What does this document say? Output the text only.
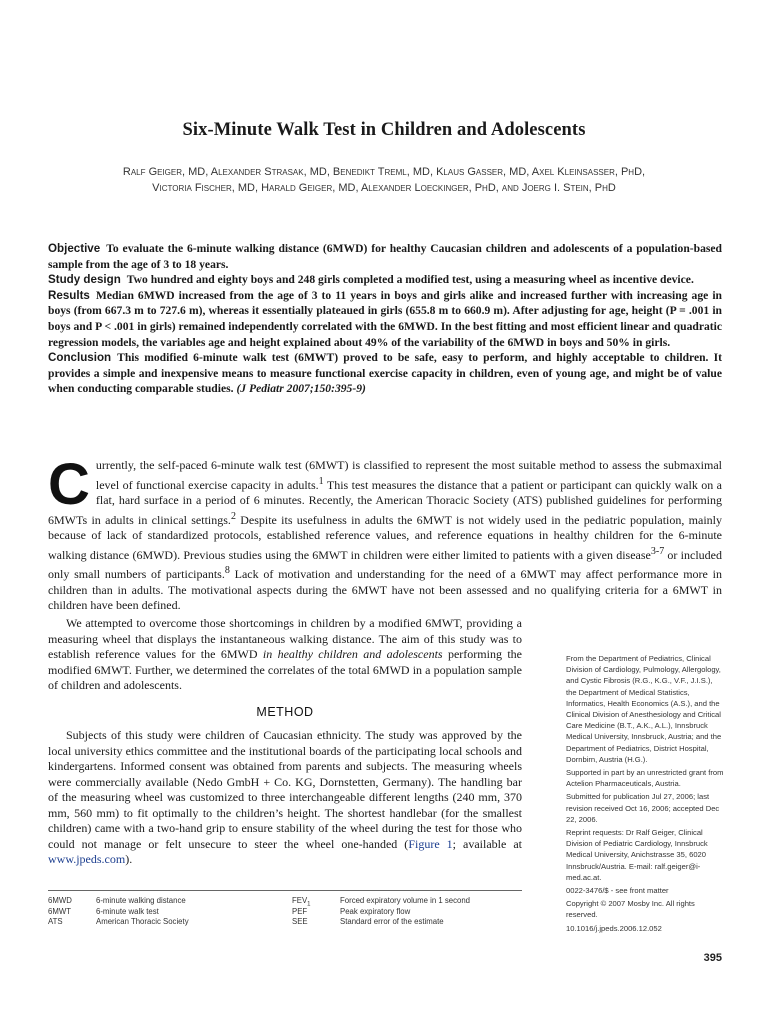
Six-Minute Walk Test in Children and Adolescents
Ralf Geiger, MD, Alexander Strasak, MD, Benedikt Treml, MD, Klaus Gasser, MD, Axel Kleinsasser, PhD,
Victoria Fischer, MD, Harald Geiger, MD, Alexander Loeckinger, PhD, and Joerg I. Stein, PhD

Objective To evaluate the 6-minute walking distance (6MWD) for healthy Caucasian children and adolescents of a population-based sample from the age of 3 to 18 years.

Study design Two hundred and eighty boys and 248 girls completed a modified test, using a measuring wheel as incentive device.

Results Median 6MWD increased from the age of 3 to 11 years in boys and girls alike and increased further with increasing age in boys (from 667.3 m to 727.6 m), whereas it essentially plateaued in girls (655.8 m to 660.9 m). After adjusting for age, height (P = .001 in boys and P < .001 in girls) remained independently correlated with the 6MWD. In the best fitting and most efficient linear and quadratic regression models, the variables age and height explained about 49% of the variability of the 6MWD in boys and 50% in girls.

Conclusion This modified 6-minute walk test (6MWT) proved to be safe, easy to perform, and highly acceptable to children. It provides a simple and inexpensive means to measure functional exercise capacity in children, even of young age, and might be of value when conducting comparable studies. (J Pediatr 2007;150:395-9)

Currently, the self-paced 6-minute walk test (6MWT) is classified to represent the most suitable method to assess the submaximal level of functional exercise capacity in adults.$^1$ This test measures the distance that a patient or participant can quickly walk on a flat, hard surface in a period of 6 minutes. Recently, the American Thoracic Society (ATS) published guidelines for performing 6MWTs in adults in clinical settings.$^2$ Despite its usefulness in adults the 6MWT is not widely used in the pediatric population, mainly because of lack of standardized protocols, established reference values, and reference equations in healthy children for the 6-minute walking distance (6MWD). Previous studies using the 6MWT in children were either limited to patients with a given disease$^{3-7}$ or included only small numbers of participants.$^8$ Lack of motivation and understanding for the need of a 6MWT may affect performance more in children than in adults. The motivational aspects during the 6MWT have not been assessed and no qualifying criteria for a 6MWT in children have been defined.

We attempted to overcome those shortcomings in children by a modified 6MWT, providing a measuring wheel that displays the instantaneous walking distance. The aim of this study was to establish reference values for the 6MWD in healthy children and adolescents performing the modified 6MWT. Further, we determined the correlates of the total 6MWD in a population sample of children and adolescents.

METHOD

Subjects of this study were children of Caucasian ethnicity. The study was approved by the local university ethics committee and the institutional boards of the participating local schools and kindergartens. Informed consent was obtained from parents and subjects. The measuring wheels were commercially available (Nedo GmbH + Co. KG, Dornstetten, Germany). The handling bar of the measuring wheel was customized to three interchangeable different lengths (240 mm, 370 mm, 560 mm) to fit optimally to the children’s height. The shortest handlebar (for the smallest children) came with a two-hand grip to ensure stability of the wheel during the test for those who could not manage or felt unsecure to steer the wheel one-handed (Figure 1; available at www.jpeds.com).

From the Department of Pediatrics, Clinical Division of Cardiology, Pulmology, Allergology, and Cystic Fibrosis (R.G., K.G., V.F., J.I.S.), the Department of Medical Statistics, Informatics, Health Economics (A.S.), and the Clinical Division of Anesthesiology and Critical Care Medicine (B.T., A.K., A.L.), Innsbruck Medical University, Innsbruck, Austria; and the Department of Pediatrics, District Hospital, Dornbirn, Austria (H.G.).

Supported in part by an unrestricted grant from Actelion Pharmaceuticals, Austria.

Submitted for publication Jul 27, 2006; last revision received Oct 16, 2006; accepted Dec 22, 2006.

Reprint requests: Dr Ralf Geiger, Clinical Division of Pediatric Cardiology, Innsbruck Medical University, Anichstrasse 35, 6020 Innsbruck/Austria. E-mail: ralf.geiger@i-med.ac.at.

0022-3476/$ - see front matter

Copyright © 2007 Mosby Inc. All rights reserved.

10.1016/j.jpeds.2006.12.052

6MWD	6-minute walking distance	$FEV_1$	Forced expiratory volume in 1 second
6MWT	6-minute walk test	PEF	Peak expiratory flow
ATS	American Thoracic Society	SEE	Standard error of the estimate
395
